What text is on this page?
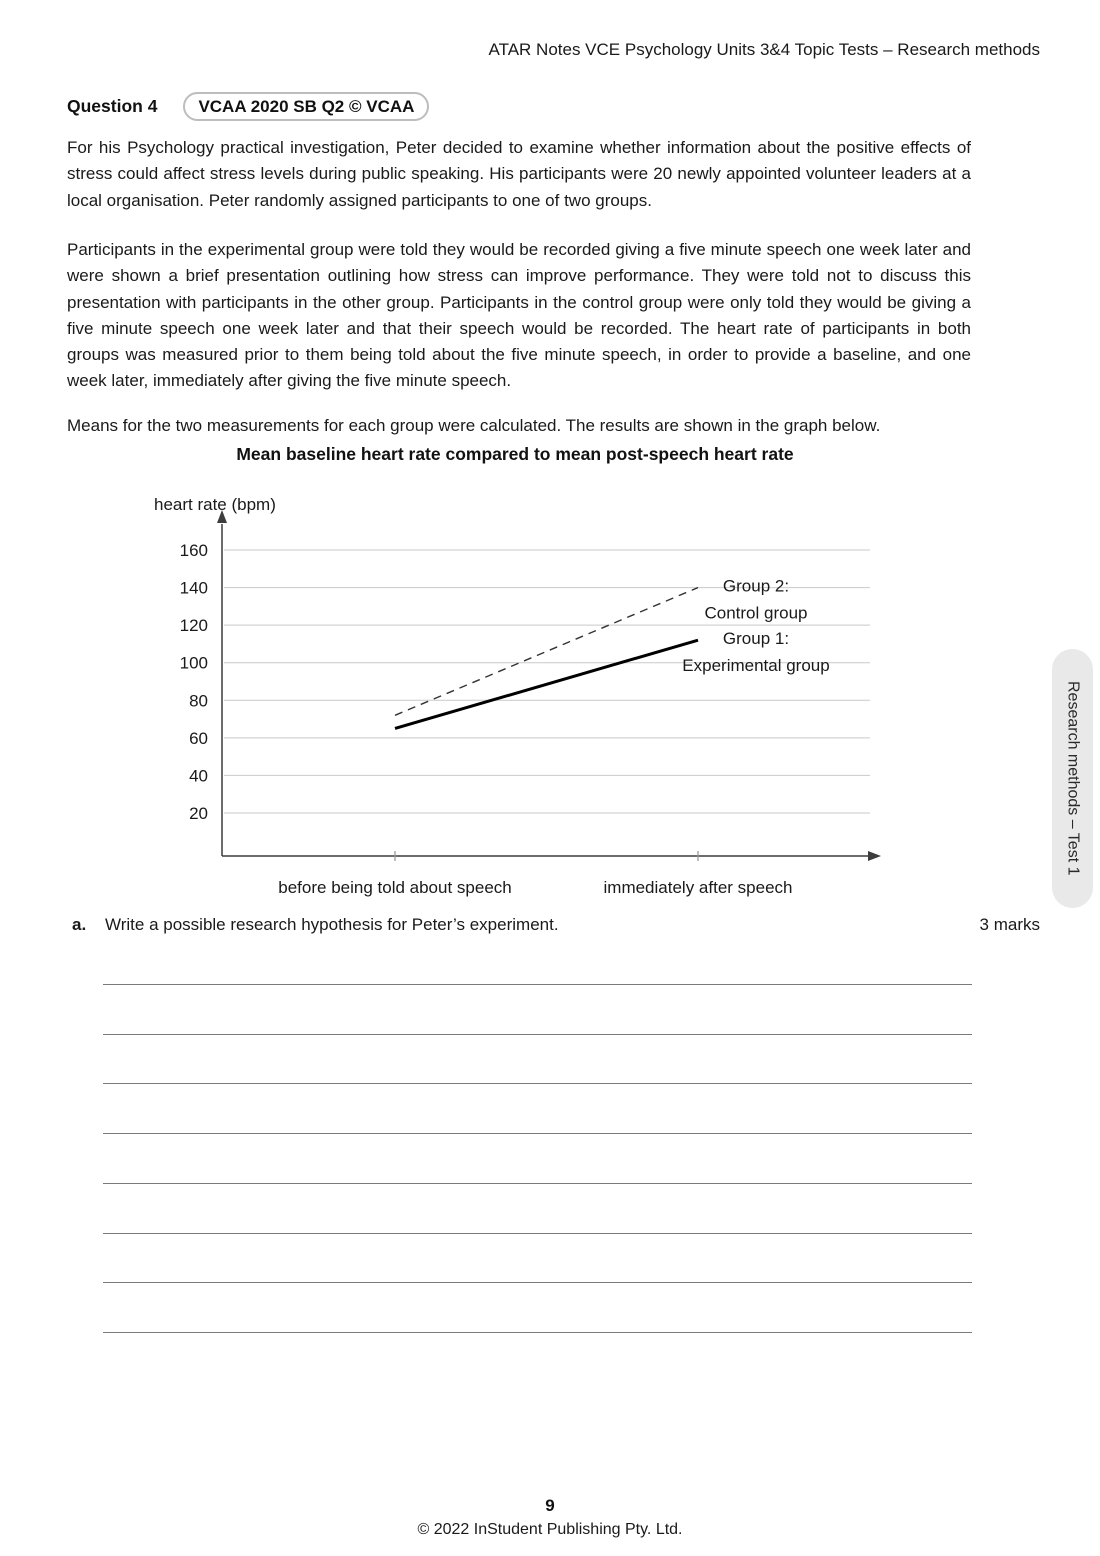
ATAR Notes VCE Psychology Units 3&4 Topic Tests – Research methods
Question 4	VCAA 2020 SB Q2 © VCAA

For his Psychology practical investigation, Peter decided to examine whether information about the positive effects of stress could affect stress levels during public speaking. His participants were 20 newly appointed volunteer leaders at a local organisation. Peter randomly assigned participants to one of two groups.

Participants in the experimental group were told they would be recorded giving a five minute speech one week later and were shown a brief presentation outlining how stress can improve performance. They were told not to discuss this presentation with participants in the other group. Participants in the control group were only told they would be giving a five minute speech one week later and that their speech would be recorded. The heart rate of participants in both groups was measured prior to them being told about the five minute speech, in order to provide a baseline, and one week later, immediately after giving the five minute speech.

Means for the two measurements for each group were calculated. The results are shown in the graph below.

Mean baseline heart rate compared to mean post-speech heart rate
20
40
60
80
100
120
140
160
heart rate (bpm)
before being told about speech	immediately after speech
Group 2: Control group
Group 1: Experimental group
a.	Write a possible research hypothesis for Peter’s experiment.	3 marks
Research methods – Test 1
9
© 2022 InStudent Publishing Pty. Ltd.
